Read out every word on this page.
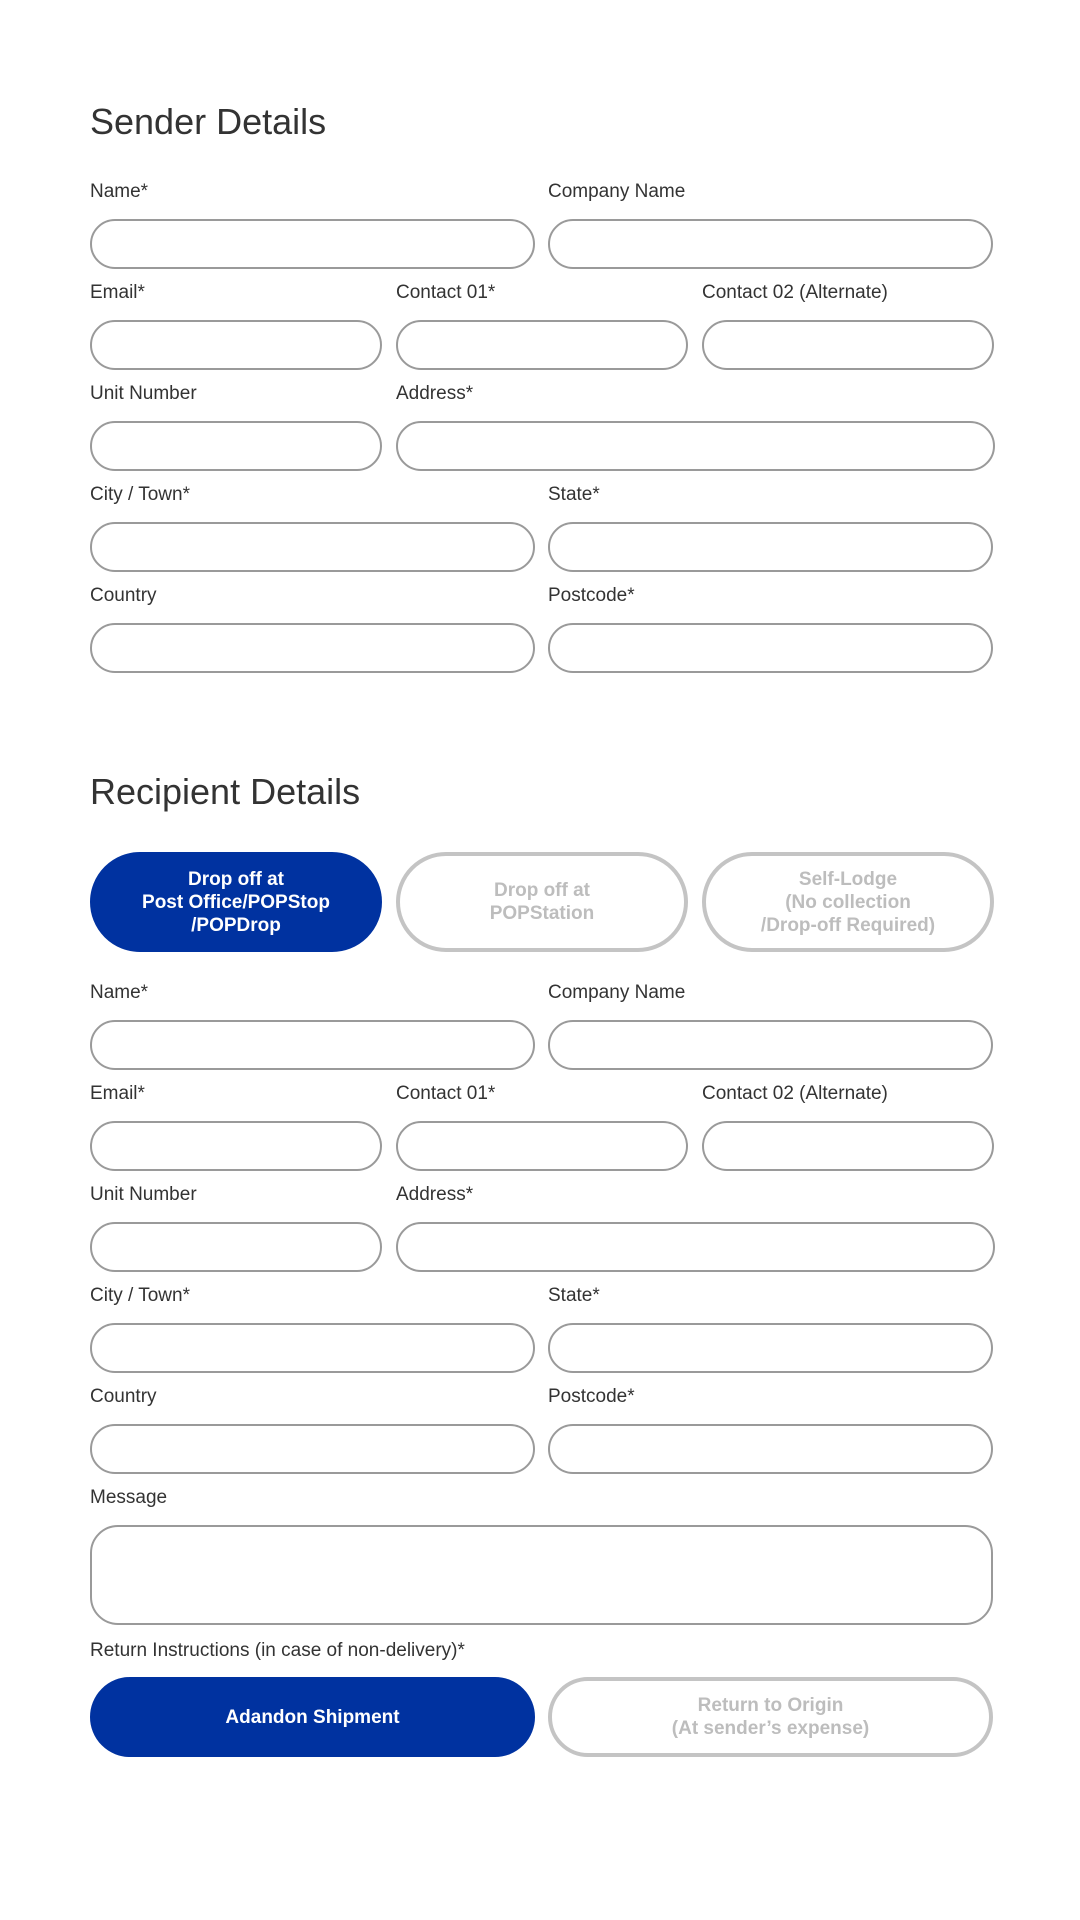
Sender Details
Name*	Company Name
Email*	Contact 01*	Contact 02 (Alternate)
Unit Number	Address*
City / Town*	State*
Country	Postcode*
Recipient Details
Drop off at
Post Office/POPStop
/POPDrop
Drop off at
POPStation
Self-Lodge
(No collection
/Drop-off Required)
Name*	Company Name
Email*	Contact 01*	Contact 02 (Alternate)
Unit Number	Address*
City / Town*	State*
Country	Postcode*
Message
Return Instructions (in case of non-delivery)*
Adandon Shipment
Return to Origin
(At sender’s expense)
